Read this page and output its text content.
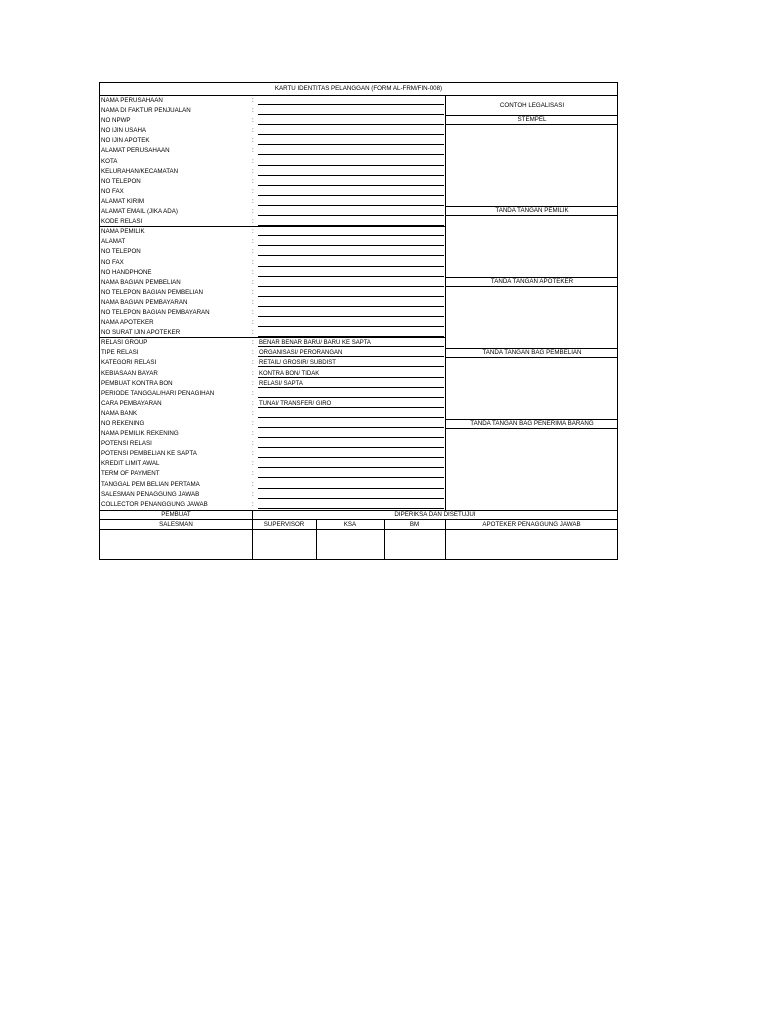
KARTU IDENTITAS PELANGGAN (FORM AL-FRM/FIN-008)
NAMA PERUSAHAAN	:
NAMA DI FAKTUR PENJUALAN	:
NO NPWP	:
NO IJIN USAHA	:
NO IJIN APOTEK	:
ALAMAT PERUSAHAAN	:
KOTA	:
KELURAHAN/KECAMATAN	:
NO TELEPON	:
NO FAX	:
ALAMAT KIRIM	:
ALAMAT EMAIL (JIKA ADA)	:
KODE RELASI	:
NAMA PEMILIK	:
ALAMAT	:
NO TELEPON	:
NO FAX	:
NO HANDPHONE	:
NAMA BAGIAN PEMBELIAN	:
NO TELEPON BAGIAN PEMBELIAN	:
NAMA BAGIAN PEMBAYARAN	:
NO TELEPON BAGIAN PEMBAYARAN	:
NAMA APOTEKER	:
NO SURAT IJIN APOTEKER	:
RELASI GROUP	: BENAR BENAR BARU/ BARU KE SAPTA
TIPE RELASI	: ORGANISASI/ PERORANGAN
KATEGORI RELASI	: RETAIL/ GROSIR/ SUBDIST
KEBIASAAN BAYAR	: KONTRA BON/ TIDAK
PEMBUAT KONTRA BON	: RELASI/ SAPTA
PERIODE TANGGAL/HARI PENAGIHAN	:
CARA PEMBAYARAN	: TUNAI/ TRANSFER/ GIRO
NAMA BANK	:
NO REKENING	:
NAMA PEMILIK REKENING	:
POTENSI RELASI	:
POTENSI PEMBELIAN KE SAPTA	:
KREDIT LIMIT AWAL	:
TERM OF PAYMENT	:
TANGGAL PEM BELIAN PERTAMA	:
SALESMAN PENAGGUNG JAWAB	:
COLLECTOR PENANGGUNG JAWAB	:
CONTOH LEGALISASI
STEMPEL
TANDA TANGAN PEMILIK
TANDA TANGAN APOTEKER
TANDA TANGAN BAG PEMBELIAN
TANDA TANGAN BAG PENERIMA BARANG
PEMBUAT	DIPERIKSA DAN DISETUJUI
SALESMAN	SUPERVISOR	KSA	BM	APOTEKER PENAGGUNG JAWAB
